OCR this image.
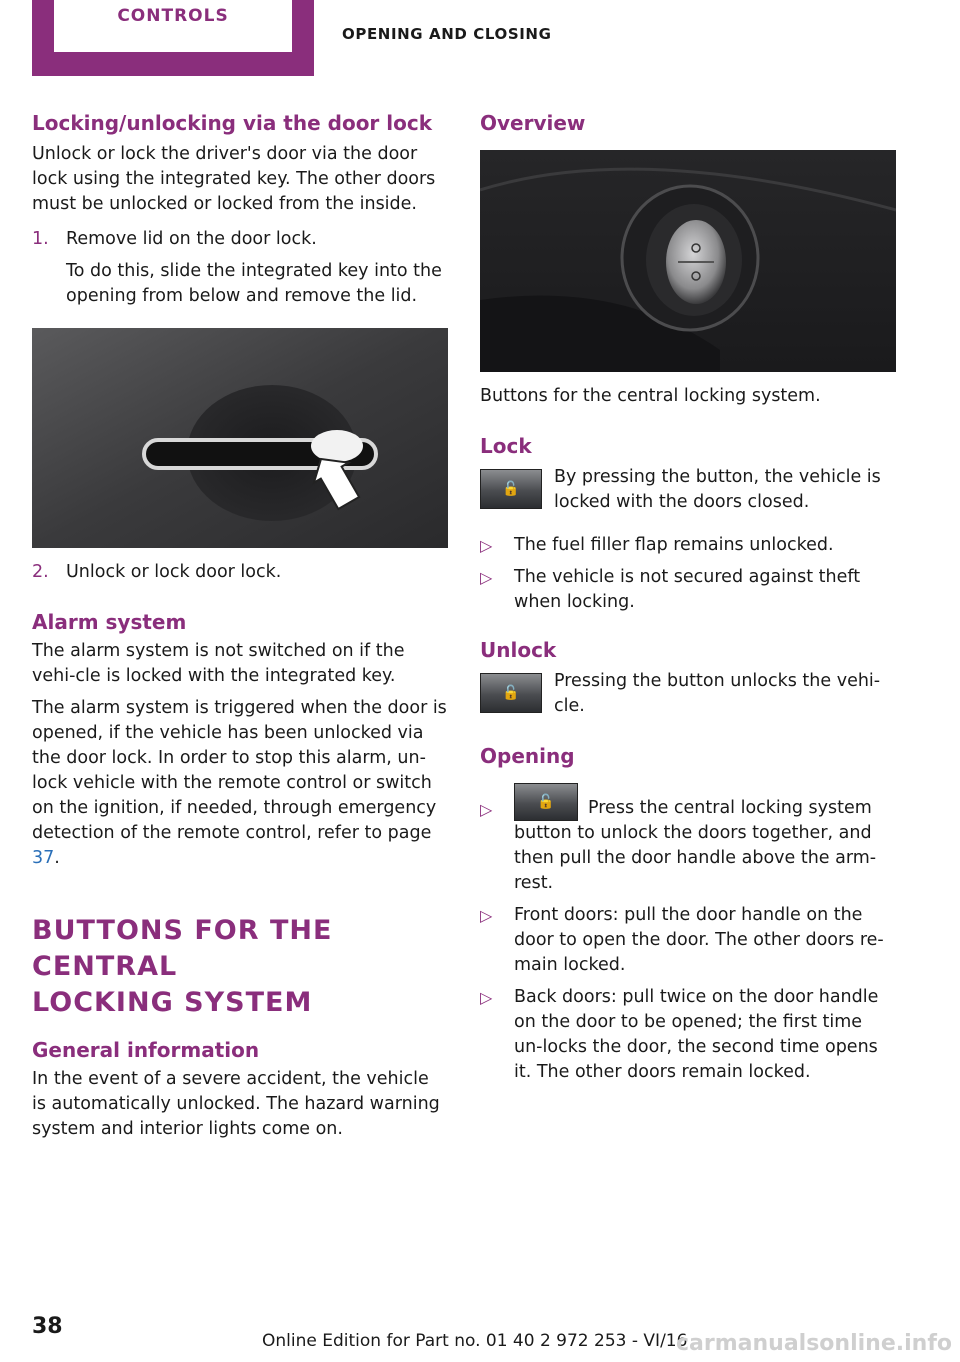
CONTROLS
OPENING AND CLOSING
Locking/unlocking via the door lock

Unlock or lock the driver's door via the door lock using the integrated key. The other doors must be unlocked or locked from the inside.

1. Remove lid on the door lock.

To do this, slide the integrated key into the opening from below and remove the lid.

2. Unlock or lock door lock.

Alarm system

The alarm system is not switched on if the vehi-cle is locked with the integrated key.

The alarm system is triggered when the door is opened, if the vehicle has been unlocked via the door lock. In order to stop this alarm, un-lock vehicle with the remote control or switch on the ignition, if needed, through emergency detection of the remote control, refer to page 37.

BUTTONS FOR THE CENTRAL
LOCKING SYSTEM
General information

In the event of a severe accident, the vehicle is automatically unlocked. The hazard warning system and interior lights come on.

Overview

Buttons for the central locking system.

Lock
🔓

By pressing the button, the vehicle is locked with the doors closed.

▷	The fuel filler flap remains unlocked.

▷	The vehicle is not secured against theft when locking.

Unlock
🔓

Pressing the button unlocks the vehi-cle.

Opening
▷	🔓 Press the central locking system

button to unlock the doors together, and then pull the door handle above the arm-rest.

▷	Front doors: pull the door handle on the door to open the door. The other doors re-main locked.

▷	Back doors: pull twice on the door handle on the door to be opened; the first time un-locks the door, the second time opens it. The other doors remain locked.

38
Online Edition for Part no. 01 40 2 972 253 - VI/16
carmanualsonline.info
